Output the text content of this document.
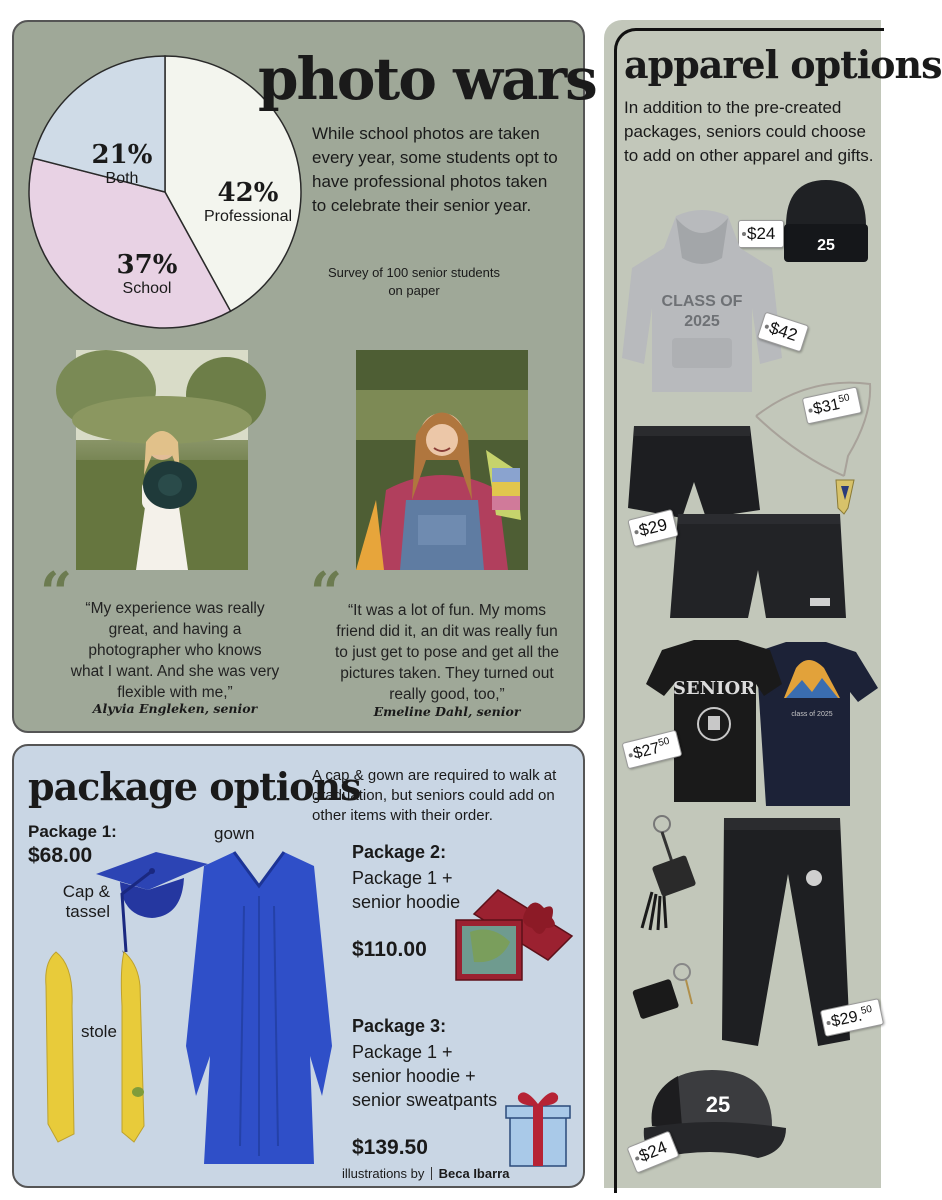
21%
Both	42%
Professional
37%
School
photo wars
While school photos are taken every year, some students opt to have professional photos taken to celebrate their senior year.
Survey of 100 senior students
on paper
“ “My experience was really great, and having a photographer who knows what I want. And she was very flexible with me,”
Alyvia Engleken, senior
“ “It was a lot of fun. My moms friend did it, an dit was really fun to just get to pose and get all the pictures taken. They turned out really good, too,”
Emeline Dahl, senior
package options
A cap & gown are required to walk at graduation, but seniors could add on other items with their order.
Package 1:
$68.00
gown
Cap &
tassel
stole
Package 2:
Package 1 +
senior hoodie
$110.00
Package 3:
Package 1 +
senior hoodie +
senior sweatpants
$139.50
illustrations by Beca Ibarra
apparel options
In addition to the pre-created packages, seniors could choose to add on other apparel and gifts.
25
$24
CLASS OF
2025	$42
$\$31^{50}$
$29
class of 2025
SENIOR
$\$27^{50}$
$29.50
25
$24
